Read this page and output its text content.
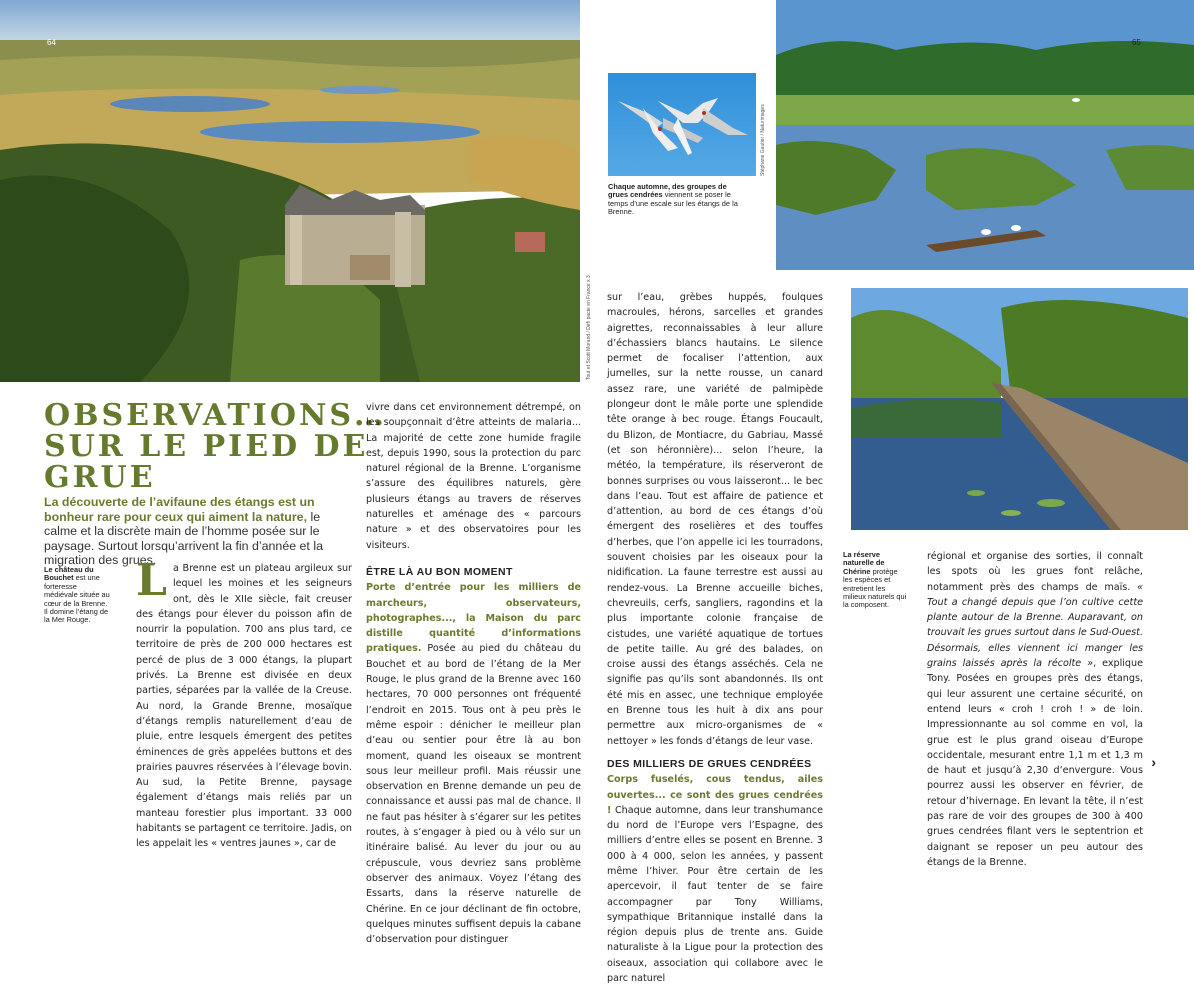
64
Tout et Scott Morand / Défi pacte en France x 3
Stéphane Gautier / Naturimages
Chaque automne, des groupes de grues cendrées viennent se poser le temps d’une escale sur les étangs de la Brenne.
65
La réserve naturelle de Chérine protège les espèces et entretient les milieux naturels qui la composent.
OBSERVATIONS… SUR LE PIED DE GRUE
La découverte de l’avifaune des étangs est un bonheur rare pour ceux qui aiment la nature, le calme et la discrète main de l’homme posée sur le paysage. Surtout lorsqu’arrivent la fin d’année et la migration des grues.
Le château du Bouchet est une forteresse médiévale située au cœur de la Brenne. Il domine l’étang de la Mer Rouge.
La Brenne est un plateau argileux sur lequel les moines et les seigneurs ont, dès le XIIe siècle, fait creuser des étangs pour élever du poisson afin de nourrir la population. 700 ans plus tard, ce territoire de près de 200 000 hectares est percé de plus de 3 000 étangs, la plupart privés. La Brenne est divisée en deux parties, séparées par la vallée de la Creuse. Au nord, la Grande Brenne, mosaïque d’étangs remplis naturellement d’eau de pluie, entre lesquels émergent des petites éminences de grès appelées buttons et des prairies pauvres réservées à l’élevage bovin. Au sud, la Petite Brenne, paysage également d’étangs mais reliés par un manteau forestier plus important. 33 000 habitants se partagent ce territoire. Jadis, on les appelait les « ventres jaunes », car de

vivre dans cet environnement détrempé, on les soupçonnait d’être atteints de malaria... La majorité de cette zone humide fragile est, depuis 1990, sous la protection du parc naturel régional de la Brenne. L’organisme s’assure des équilibres naturels, gère plusieurs étangs au travers de réserves naturelles et aménage des « parcours nature » et des observatoires pour les visiteurs.

ÊTRE LÀ AU BON MOMENT

Porte d’entrée pour les milliers de marcheurs, observateurs, photographes..., la Maison du parc distille quantité d’informations pratiques. Posée au pied du château du Bouchet et au bord de l’étang de la Mer Rouge, le plus grand de la Brenne avec 160 hectares, 70 000 personnes ont fréquenté l’endroit en 2015. Tous ont à peu près le même espoir : dénicher le meilleur plan d’eau ou sentier pour être là au bon moment, quand les oiseaux se montrent sous leur meilleur profil. Mais réussir une observation en Brenne demande un peu de connaissance et aussi pas mal de chance. Il ne faut pas hésiter à s’égarer sur les petites routes, à s’engager à pied ou à vélo sur un itinéraire balisé. Au lever du jour ou au crépuscule, vous devriez sans problème observer des animaux. Voyez l’étang des Essarts, dans la réserve naturelle de Chérine. En ce jour déclinant de fin octobre, quelques minutes suffisent depuis la cabane d’observation pour distinguer

sur l’eau, grèbes huppés, foulques macroules, hérons, sarcelles et grandes aigrettes, reconnaissables à leur allure d’échassiers blancs hautains. Le silence permet de focaliser l’attention, aux jumelles, sur la nette rousse, un canard assez rare, une variété de palmipède plongeur dont le mâle porte une splendide tête orange à bec rouge. Étangs Foucault, du Blizon, de Montiacre, du Gabriau, Massé (et son héronnière)... selon l’heure, la météo, la température, ils réserveront de bonnes surprises ou vous laisseront... le bec dans l’eau. Tout est affaire de patience et d’attention, au bord de ces étangs d’où émergent des roselières et des touffes d’herbes, que l’on appelle ici les tourradons, souvent choisies par les oiseaux pour la nidification. La faune terrestre est aussi au rendez-vous. La Brenne accueille biches, chevreuils, cerfs, sangliers, ragondins et la plus importante colonie française de cistudes, une variété aquatique de tortues de petite taille. Au gré des balades, on croise aussi des étangs asséchés. Cela ne signifie pas qu’ils sont abandonnés. Ils ont été mis en assec, une technique employée en Brenne tous les huit à dix ans pour permettre aux micro-organismes de « nettoyer » les fonds d’étangs de leur vase.

DES MILLIERS DE GRUES CENDRÉES

Corps fuselés, cous tendus, ailes ouvertes... ce sont des grues cendrées ! Chaque automne, dans leur transhumance du nord de l’Europe vers l’Espagne, des milliers d’entre elles se posent en Brenne. 3 000 à 4 000, selon les années, y passent même l’hiver. Pour être certain de les apercevoir, il faut tenter de se faire accompagner par Tony Williams, sympathique Britannique installé dans la région depuis plus de trente ans. Guide naturaliste à la Ligue pour la protection des oiseaux, association qui collabore avec le parc naturel

régional et organise des sorties, il connaît les spots où les grues font relâche, notamment près des champs de maïs. « Tout a changé depuis que l’on cultive cette plante autour de la Brenne. Auparavant, on trouvait les grues surtout dans le Sud-Ouest. Désormais, elles viennent ici manger les grains laissés après la récolte », explique Tony. Posées en groupes près des étangs, qui leur assurent une certaine sécurité, on entend leurs « croh ! croh ! » de loin. Impressionnante au sol comme en vol, la grue est le plus grand oiseau d’Europe occidentale, mesurant entre 1,1 m et 1,3 m de haut et jusqu’à 2,30 d’envergure. Vous pourrez aussi les observer en février, de retour d’hivernage. En levant la tête, il n’est pas rare de voir des groupes de 300 à 400 grues cendrées filant vers le septentrion et daignant se reposer un peu autour des étangs de la Brenne.

›
